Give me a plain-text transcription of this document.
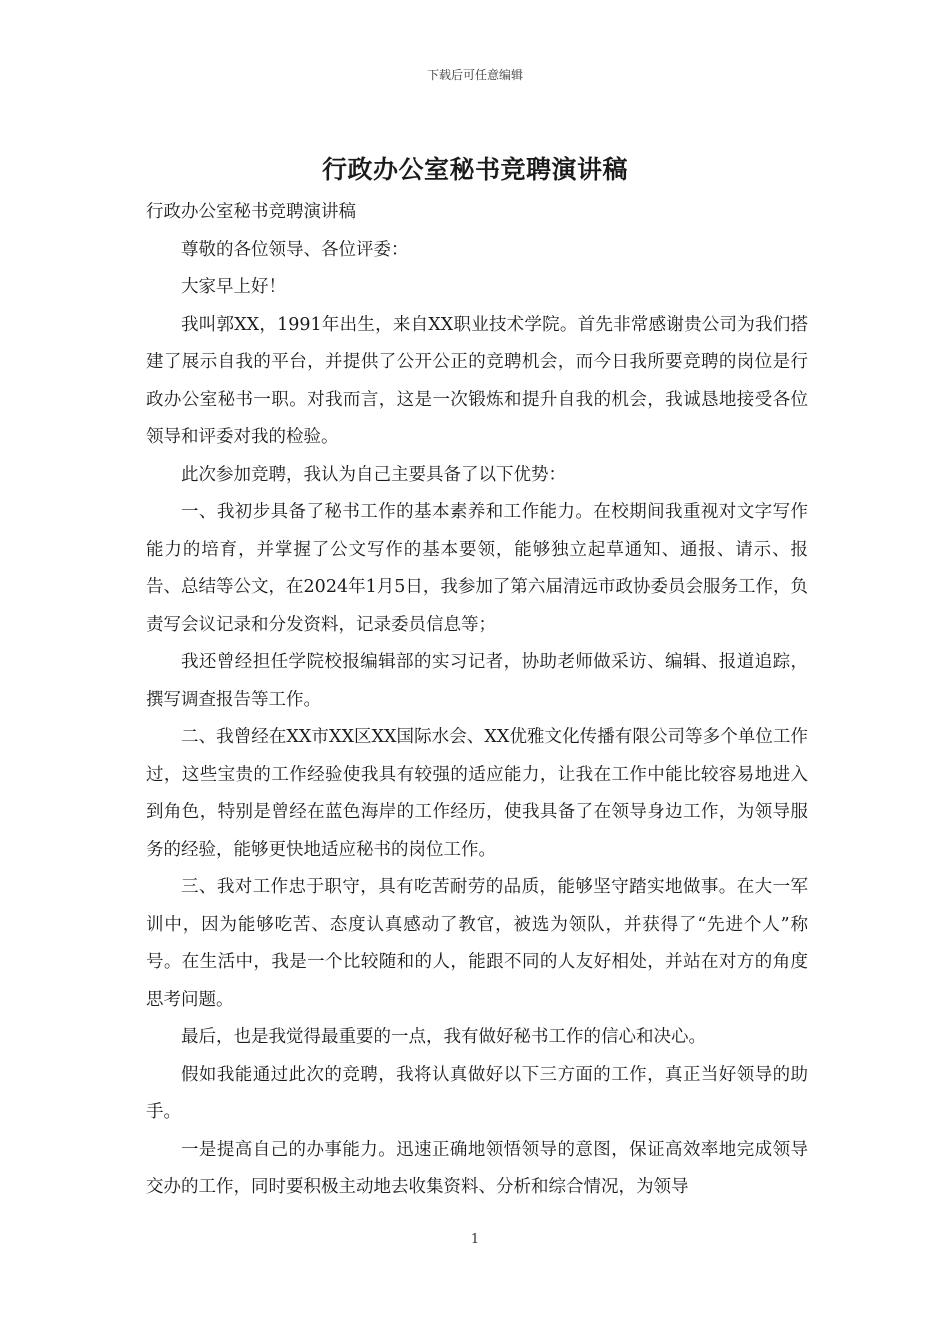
下载后可任意编辑
行政办公室秘书竞聘演讲稿

行政办公室秘书竞聘演讲稿

尊敬的各位领导、各位评委：

大家早上好！

我叫郭XX，1991年出生，来自XX职业技术学院。首先非常感谢贵公司为我们搭建了展示自我的平台，并提供了公开公正的竞聘机会，而今日我所要竞聘的岗位是行政办公室秘书一职。对我而言，这是一次锻炼和提升自我的机会，我诚恳地接受各位领导和评委对我的检验。

此次参加竞聘，我认为自己主要具备了以下优势：

一、我初步具备了秘书工作的基本素养和工作能力。在校期间我重视对文字写作能力的培育，并掌握了公文写作的基本要领，能够独立起草通知、通报、请示、报告、总结等公文，在2024年1月5日，我参加了第六届清远市政协委员会服务工作，负责写会议记录和分发资料，记录委员信息等；

我还曾经担任学院校报编辑部的实习记者，协助老师做采访、编辑、报道追踪，撰写调查报告等工作。

二、我曾经在XX市XX区XX国际水会、XX优雅文化传播有限公司等多个单位工作过，这些宝贵的工作经验使我具有较强的适应能力，让我在工作中能比较容易地进入到角色，特别是曾经在蓝色海岸的工作经历，使我具备了在领导身边工作，为领导服务的经验，能够更快地适应秘书的岗位工作。

三、我对工作忠于职守，具有吃苦耐劳的品质，能够坚守踏实地做事。在大一军训中，因为能够吃苦、态度认真感动了教官，被选为领队，并获得了“先进个人”称号。在生活中，我是一个比较随和的人，能跟不同的人友好相处，并站在对方的角度思考问题。

最后，也是我觉得最重要的一点，我有做好秘书工作的信心和决心。

假如我能通过此次的竞聘，我将认真做好以下三方面的工作，真正当好领导的助手。

一是提高自己的办事能力。迅速正确地领悟领导的意图，保证高效率地完成领导交办的工作，同时要积极主动地去收集资料、分析和综合情况，为领导

1
